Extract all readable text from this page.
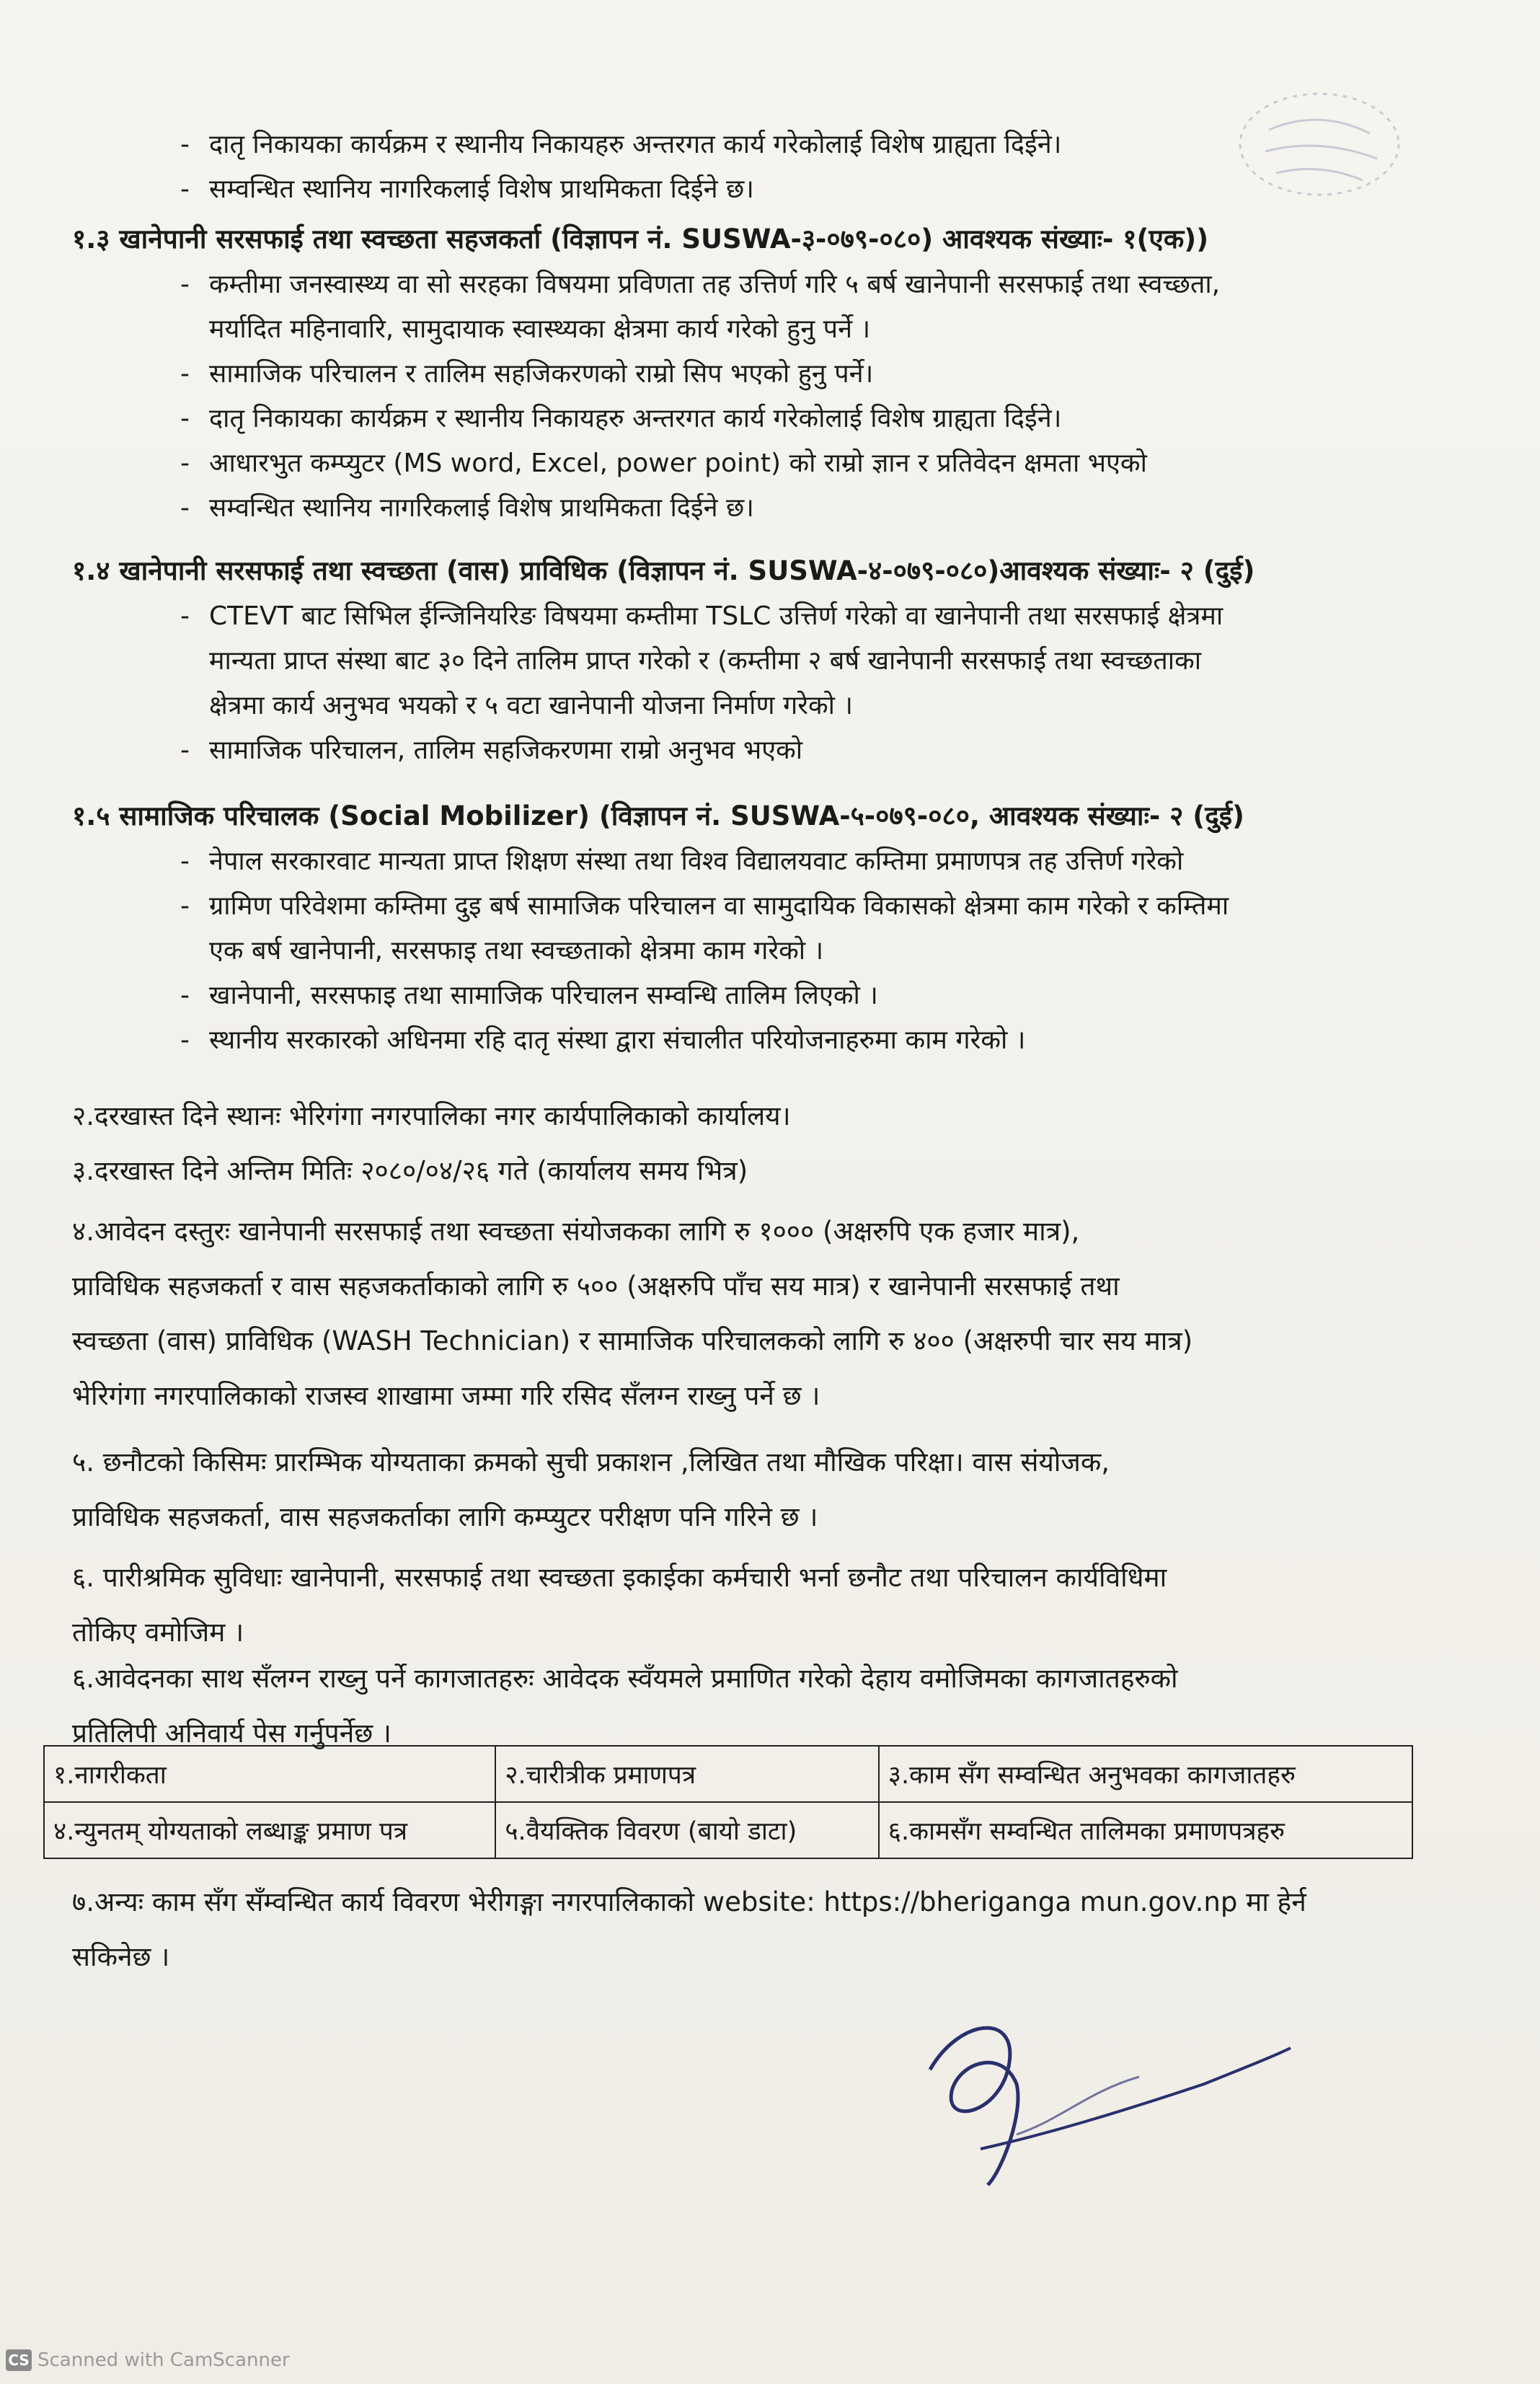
- दातृ निकायका कार्यक्रम र स्थानीय निकायहरु अन्तरगत कार्य गरेकोलाई विशेष ग्राह्यता दिईने।
- सम्वन्धित स्थानिय नागरिकलाई विशेष प्राथमिकता दिईने छ।
१.३ खानेपानी सरसफाई तथा स्वच्छता सहजकर्ता (विज्ञापन नं. SUSWA-३-०७९-०८०) आवश्यक संख्याः- १(एक))
- कम्तीमा जनस्वास्थ्य वा सो सरहका विषयमा प्रविणता तह उत्तिर्ण गरि ५ बर्ष खानेपानी सरसफाई तथा स्वच्छता,
मर्यादित महिनावारि, सामुदायाक स्वास्थ्यका क्षेत्रमा कार्य गरेको हुनु पर्ने ।
- सामाजिक परिचालन र तालिम सहजिकरणको राम्रो सिप भएको हुनु पर्ने।
- दातृ निकायका कार्यक्रम र स्थानीय निकायहरु अन्तरगत कार्य गरेकोलाई विशेष ग्राह्यता दिईने।
- आधारभुत कम्प्युटर (MS word, Excel, power point) को राम्रो ज्ञान र प्रतिवेदन क्षमता भएको
- सम्वन्धित स्थानिय नागरिकलाई विशेष प्राथमिकता दिईने छ।
१.४ खानेपानी सरसफाई तथा स्वच्छता (वास) प्राविधिक (विज्ञापन नं. SUSWA-४-०७९-०८०)आवश्यक संख्याः- २ (दुई)
- CTEVT बाट सिभिल ईन्जिनियरिङ विषयमा कम्तीमा TSLC उत्तिर्ण गरेको वा खानेपानी तथा सरसफाई क्षेत्रमा
मान्यता प्राप्त संस्था बाट ३० दिने तालिम प्राप्त गरेको र (कम्तीमा २ बर्ष खानेपानी सरसफाई तथा स्वच्छताका
क्षेत्रमा कार्य अनुभव भयको र ५ वटा खानेपानी योजना निर्माण गरेको ।
- सामाजिक परिचालन, तालिम सहजिकरणमा राम्रो अनुभव भएको
१.५ सामाजिक परिचालक (Social Mobilizer) (विज्ञापन नं. SUSWA-५-०७९-०८०, आवश्यक संख्याः- २ (दुई)
- नेपाल सरकारवाट मान्यता प्राप्त शिक्षण संस्था तथा विश्व विद्यालयवाट कम्तिमा प्रमाणपत्र तह उत्तिर्ण गरेको
- ग्रामिण परिवेशमा कम्तिमा दुइ बर्ष सामाजिक परिचालन वा सामुदायिक विकासको क्षेत्रमा काम गरेको र कम्तिमा
एक बर्ष खानेपानी, सरसफाइ तथा स्वच्छताको क्षेत्रमा काम गरेको ।
- खानेपानी, सरसफाइ तथा सामाजिक परिचालन सम्वन्धि तालिम लिएको ।
- स्थानीय सरकारको अधिनमा रहि दातृ संस्था द्वारा संचालीत परियोजनाहरुमा काम गरेको ।
२.दरखास्त दिने स्थानः भेरिगंगा नगरपालिका नगर कार्यपालिकाको कार्यालय।
३.दरखास्त दिने अन्तिम मितिः २०८०/०४/२६ गते (कार्यालय समय भित्र)
४.आवेदन दस्तुरः खानेपानी सरसफाई तथा स्वच्छता संयोजकका लागि रु १००० (अक्षरुपि एक हजार मात्र),
प्राविधिक सहजकर्ता र वास सहजकर्ताकाको लागि रु ५०० (अक्षरुपि पाँच सय मात्र) र खानेपानी सरसफाई तथा
स्वच्छता (वास) प्राविधिक (WASH Technician) र सामाजिक परिचालकको लागि रु ४०० (अक्षरुपी चार सय मात्र)
भेरिगंगा नगरपालिकाको राजस्व शाखामा जम्मा गरि रसिद सँलग्न राख्नु पर्ने छ ।
५. छनौटको किसिमः प्रारम्भिक योग्यताका क्रमको सुची प्रकाशन ,लिखित तथा मौखिक परिक्षा। वास संयोजक,
प्राविधिक सहजकर्ता, वास सहजकर्ताका लागि कम्प्युटर परीक्षण पनि गरिने छ ।
६. पारीश्रमिक सुविधाः खानेपानी, सरसफाई तथा स्वच्छता इकाईका कर्मचारी भर्ना छनौट तथा परिचालन कार्यविधिमा
तोकिए वमोजिम ।
६.आवेदनका साथ सँलग्न राख्नु पर्ने कागजातहरुः आवेदक स्वँयमले प्रमाणित गरेको देहाय वमोजिमका कागजातहरुको
प्रतिलिपी अनिवार्य पेस गर्नुपर्नेछ ।
१.नागरीकता	२.चारीत्रीक प्रमाणपत्र	३.काम सँग सम्वन्धित अनुभवका कागजातहरु
४.न्युनतम् योग्यताको लब्धाङ्क प्रमाण पत्र	५.वैयक्तिक विवरण (बायो डाटा)	६.कामसँग सम्वन्धित तालिमका प्रमाणपत्रहरु
७.अन्यः काम सँग सँम्वन्धित कार्य विवरण भेरीगङ्गा नगरपालिकाको website: https://bheriganga mun.gov.np मा हेर्न
सकिनेछ ।
CS Scanned with CamScanner
